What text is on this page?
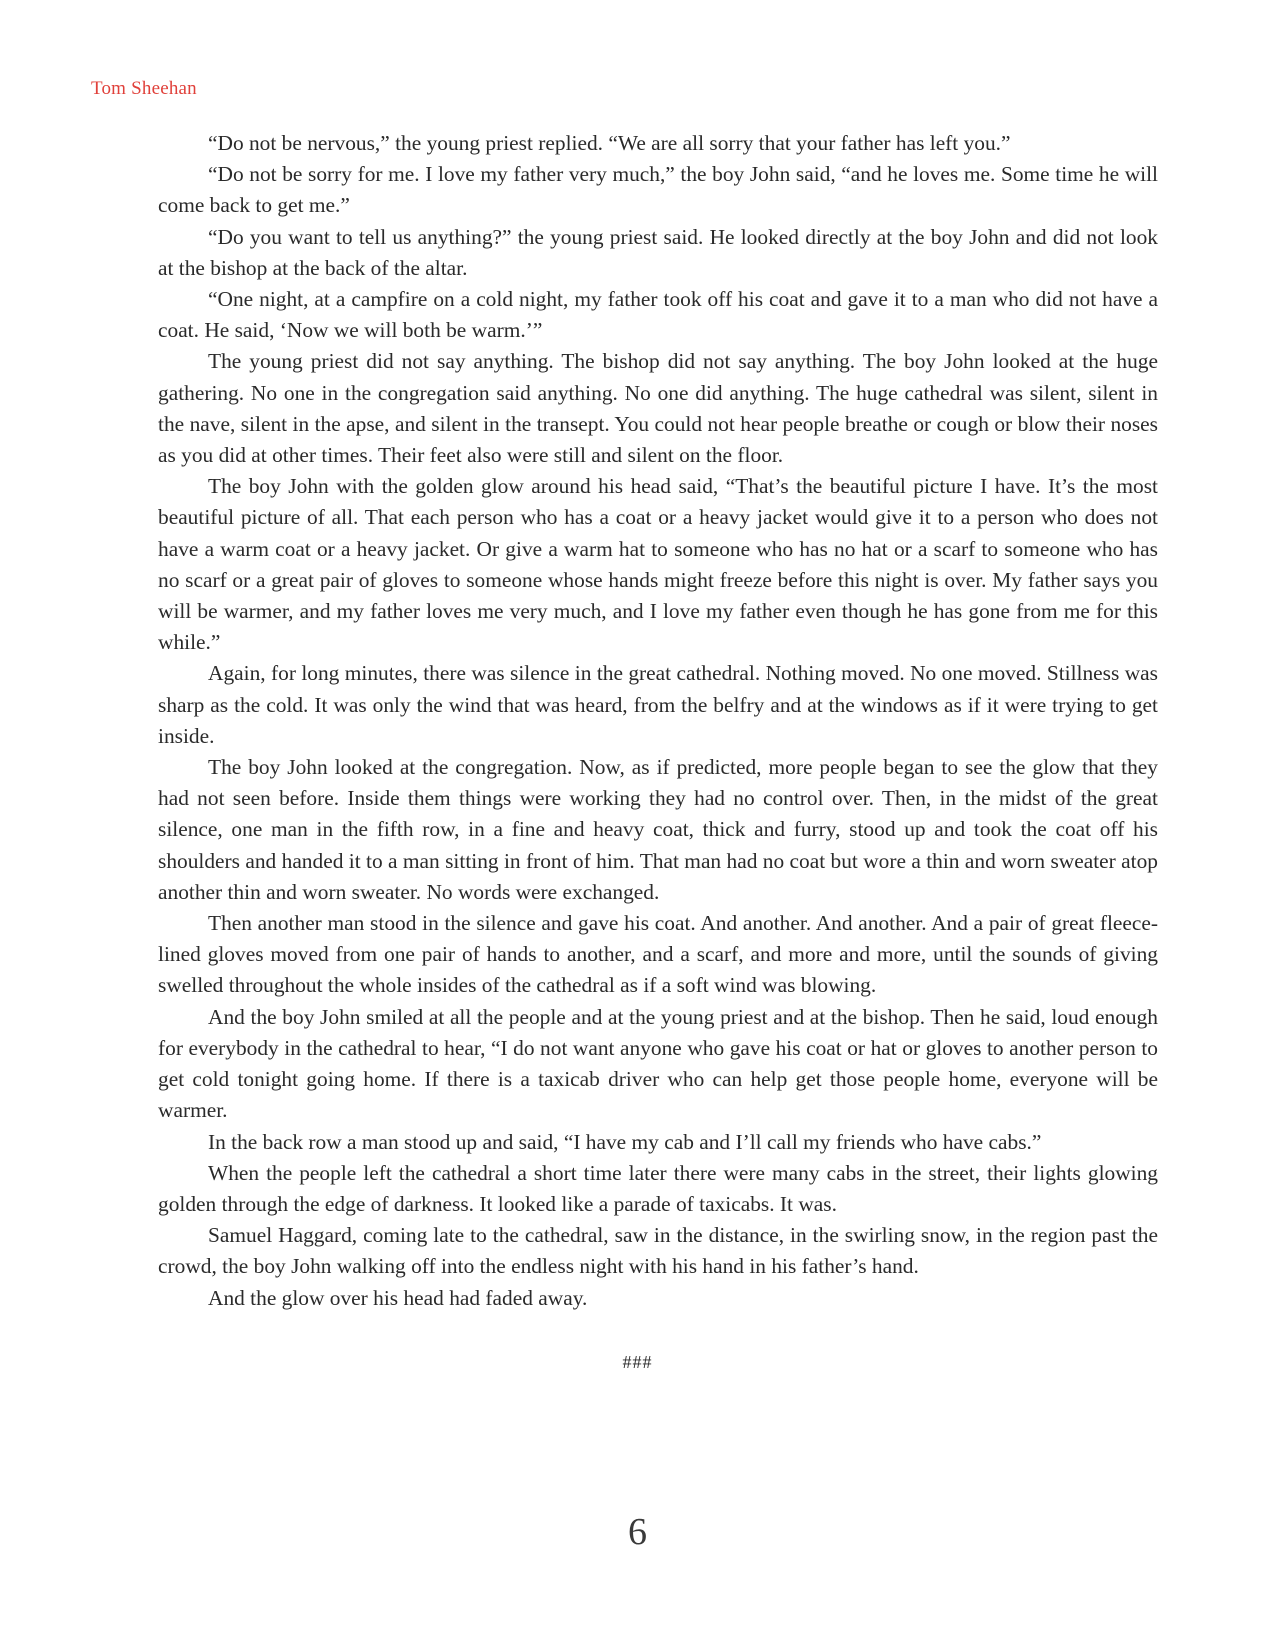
Tom Sheehan

“Do not be nervous,” the young priest replied. “We are all sorry that your father has left you.”

“Do not be sorry for me. I love my father very much,” the boy John said, “and he loves me. Some time he will come back to get me.”

“Do you want to tell us anything?” the young priest said. He looked directly at the boy John and did not look at the bishop at the back of the altar.

“One night, at a campfire on a cold night, my father took off his coat and gave it to a man who did not have a coat. He said, ‘Now we will both be warm.’”

The young priest did not say anything. The bishop did not say anything. The boy John looked at the huge gathering. No one in the congregation said anything. No one did anything. The huge cathedral was silent, silent in the nave, silent in the apse, and silent in the transept. You could not hear people breathe or cough or blow their noses as you did at other times. Their feet also were still and silent on the floor.

The boy John with the golden glow around his head said, “That’s the beautiful picture I have. It’s the most beautiful picture of all. That each person who has a coat or a heavy jacket would give it to a person who does not have a warm coat or a heavy jacket. Or give a warm hat to someone who has no hat or a scarf to someone who has no scarf or a great pair of gloves to someone whose hands might freeze before this night is over. My father says you will be warmer, and my father loves me very much, and I love my father even though he has gone from me for this while.”

Again, for long minutes, there was silence in the great cathedral. Nothing moved. No one moved. Stillness was sharp as the cold. It was only the wind that was heard, from the belfry and at the windows as if it were trying to get inside.

The boy John looked at the congregation. Now, as if predicted, more people began to see the glow that they had not seen before. Inside them things were working they had no control over. Then, in the midst of the great silence, one man in the fifth row, in a fine and heavy coat, thick and furry, stood up and took the coat off his shoulders and handed it to a man sitting in front of him. That man had no coat but wore a thin and worn sweater atop another thin and worn sweater. No words were exchanged.

Then another man stood in the silence and gave his coat. And another. And another. And a pair of great fleece-lined gloves moved from one pair of hands to another, and a scarf, and more and more, until the sounds of giving swelled throughout the whole insides of the cathedral as if a soft wind was blowing.

And the boy John smiled at all the people and at the young priest and at the bishop. Then he said, loud enough for everybody in the cathedral to hear, “I do not want anyone who gave his coat or hat or gloves to another person to get cold tonight going home. If there is a taxicab driver who can help get those people home, everyone will be warmer.

In the back row a man stood up and said, “I have my cab and I’ll call my friends who have cabs.”

When the people left the cathedral a short time later there were many cabs in the street, their lights glowing golden through the edge of darkness. It looked like a parade of taxicabs. It was.

Samuel Haggard, coming late to the cathedral, saw in the distance, in the swirling snow, in the region past the crowd, the boy John walking off into the endless night with his hand in his father’s hand.

And the glow over his head had faded away.

###
6
